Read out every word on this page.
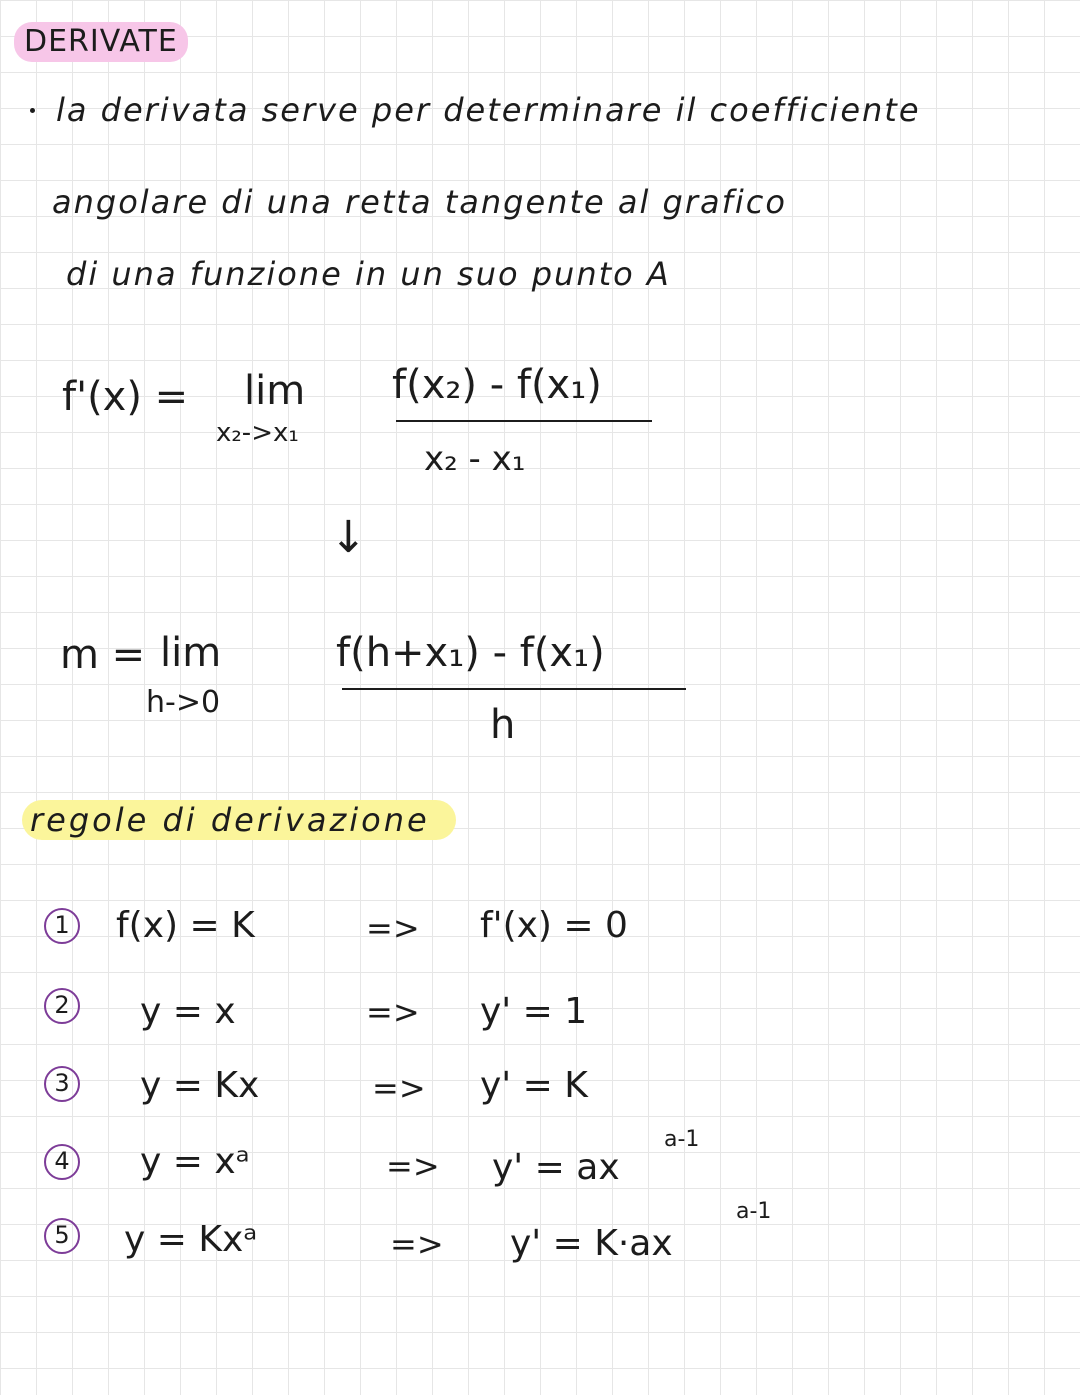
DERIVATE
la derivata serve per determinare il coefficiente
angolare di una retta tangente al grafico
di una funzione in un suo punto A
f'(x) = lim
x₂->x₁
f(x₂) - f(x₁)
x₂ - x₁
↓
m = lim
h->0
f(h+x₁) - f(x₁)
h
regole di derivazione
1 f(x) = K	=> f'(x) = 0
2 y = x	=> y' = 1
3 y = Kx	=> y' = K
4 y = xᵃ	=> y' = ax
a-1
5 y = Kxᵃ	=> y' = K·ax
a-1
